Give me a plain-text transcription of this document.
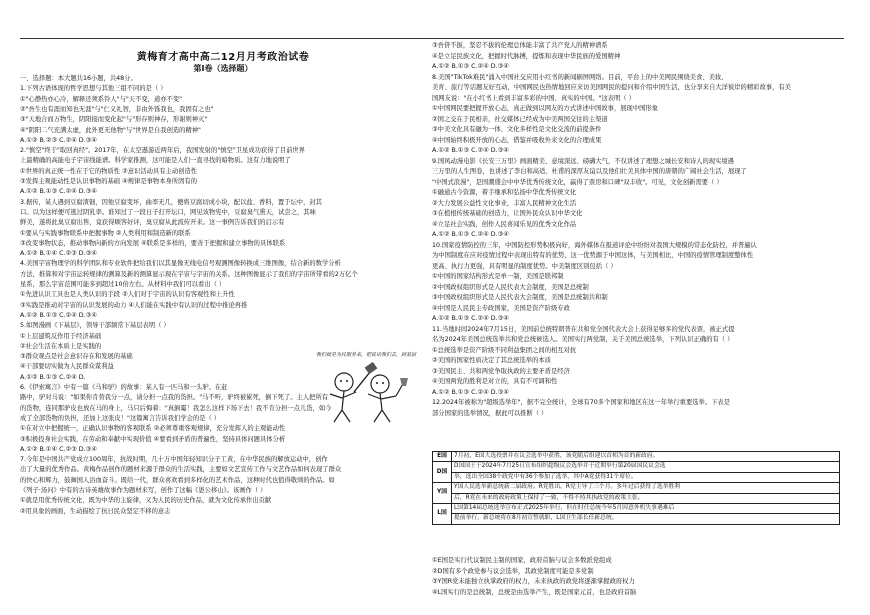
黄梅育才高中高二12月月考政治试卷
第Ⅰ卷（选择题）
一、选择题：本大题共16小题，共48分。
1.下列古语体现的哲学思想与其他三组不同的是（ ）
①"心静热亦心冷，解释还须系铃人"与"天不变，道亦不变"
②"吾生也有涯而知也无涯"与"仁义礼智，非由外铄我也，我固有之也"
③"天地合而万物生，阴阳接而变化起"与"形存则神存，形谢则神灭"
④"阴阳二气充满太虚，此外更无他物"与"世界是自我创造的精神"
A.①② B.②③ C.②④ D.③④
2."慎空"终于"取回真经"。2017年，在太空遨游近两年后，我国发射的"慎空"卫星成功获得了目前世界
上最精确的高能电子宇宙线能谱。科学家推测，这可能是人们一直寻找的暗物质。这有力地说明了
①世界的真正统一性在于它的物质性 ②意识活动具有主动创造性
③发挥主观能动性是认识事物的基础 ④规律是事物本身所固有的
A.①② B.①③ C.②④ D.③④
3.据传，某人遇到豆腐渣钿，因他豆腐变坏，曲率无几，便将豆腐切成小块，配以盐、香料，置于坛中，封其
口。以为这样便可逃过阴乳率。谁知过了一段日子打开坛口，网见该物宪中，豆腐臭气熏天，试尝之，其味
鲜美，遂将此臭豆腐出售，竟获得顾客好评，臭豆腐从此流传开来。这一事例告诉我们的启示有
①要从与实践事物联系中把握事物 ②人类利用和制造新的联系
③改变事物状态，推动事物向新的方向发展 ④联系是多样的，要善于把握和建立事物的具体联系
A.①② B.①④ C.②③ D.③④
4.美国宇宙物理学的科学团队和专业软件把给我们以其显像无线电信号观测图像转换成三维图像，结合新的数学分析
方法，推算和对宇宙运转规律的测算及新的测算显示现在宇宙与宇宙的关系。这种图像显示了我们的宇宙所带看的2万亿个
星系，那么宇宙范围可能多到超过10倍左右。从材料中我们可以看出（ ）
①先进认识工具也是人类认识的手段 ②人们对于宇宙的认识有客观性和上升性
③实践是推动对宇宙的认识发展的动力 ④人们能在实践中有认识的过程中推论再推
A.①② B.①③ C.②④ D.③④
5.如图漫画《下基层》，领导干部频常下基层表明（ ）
①上层建筑反作用于经济基础
②社会生活在本质上是实践的
③群众观点是社会意识存在和发展的基础
④干部要切实做为人民群众谋利益
A.①② B.①③ C.②④ D.
6.《伊索寓言》中有一篇《马和驴》的故事：某人有一匹马和一头驴。在赶
路中，驴对马说："如果你肯替我分一点，请分担一点我的货担。"马不听，驴终被累死，倒下死了。主人把所有
的货物，连同那驴皮也放在马的身上，马只后悔着："真倒霉！我怎么这样下场下去！我不肯分担一点儿货，如今
成了全部货物的负担，还加上这张皮！"这篇寓言告诉我们学会的是（ ）
①在对立中把握统一，正确认识事物的客观联系 ②必须尊重客观规律，充分发挥人的主观能动性
③积极投身社会实践，在劳动和奉献中实现价值 ④要看到矛盾的普遍性，坚持具体问题具体分析
A.①② B.①④ C.②③ D.③④
7.今年是中国共产党成立100周年，抗战时期，几十万中国年轻知识分子工黄，在中华民族的解放运动中，创作
出了大量的优秀作品。黄梅作品创作的题材来源于群众的生活实践，主要如文艺宣传工作与文艺作品如何表现了群众
的快心和辉力，鼓舞国人浴血奋斗。既给一代，群众喜欢看到多样化的艺术作品，这种时代也值得敬颂的作品。如
《列子·汤问》中有的古诗英雄故事作为题材来写，创作了这幅《愚公移山》。该画作（ ）
①就是用优秀传统文化，既为中华的主旋律，又为人民的历史作品，就为文化传承作出贡献
②用具象的画面，生动描绘了抗日民众坚定不移的意志
③吾侪不拔，坚忍不拔的伦理总体能丰富了共产党人的精神谱系
④是立足民族文化，把握时代脉搏，提炼和表现中华民族的爱国精神
A.①② B.①③ C.②④ D.③④
8.美国"TikTok难民"涌入中国社交应用小红书的新闻刷屏网络。目前，平台上的中美网民围绕美食、美妆、
美育、旅行等话题友好互动，中国网民也热情地回应来访美国网民的提问和介绍中国生活，也分享来自大洋彼岸的精彩故事，有美
国网友说："在小红书上看到丰富多彩的中国、真实的中国。"这表明（ ）
①中国网民要把握开放心态，真正做到以网友的方式讲述中国故事，展现中国形象
②国之交在于民相亲，社交媒体已经成为中美两国交往的主渠道
③中美文化具有融为一体、文化多样性是文化交流的前提条件
④中国始终积极开放的心态，借鉴并吸收外来文化的合理成果
A.①② B.①③ C.②④ D.③④
9.国风动漫电影《长安三万里》画面精美、意境深远、磅礴大气，不仅讲述了理想之城长安和诗人的现实境遇
三万里的人生图卷，也讲述了李白和高适、杜甫的深厚友谊以及他们壮美具体中国的唐朝的广阔社会生活，展现了
"中国式浪漫"，是国潮盛会中中华优秀传统文化，赢得了票房和口碑"双丰收"。可见，文化创新需要（ ）
①融通古今资源，着手继承和弘扬中华优秀传统文化
②大力发展公益性文化事业，丰富人民精神文化生活
③在植根传统基础的创造力，让国外民众认识中华文化
④立足社会实践，创作人民喜闻乐见的优秀文化作品
A.①② B.①③ C.②④ D.③④
10.国家疫情防控的三年，中国防控形势积极向好，海外媒体在报道评论中纷纷对我国大规模的常态化防控，并普遍认
为中国制度在应对疫情过程中表现出特有的优势，这一优势源于中国这体，与美国相比，中国的疫情管理制度整体性
更高、执行力更强，具有明显的制度优势。中美制度区别包括（ ）
①中国的国家结构形式是单一制，美国是联邦制
②中国政权组织形式是人民代表大会制度，美国是总统制
③中国政权组织形式是人民代表大会制度，美国是总统制共和制
④中国是人民民主专政国家，美国是资产阶级专政
A.①② B.①③ C.②④ D.③④
11.当地时间2024年7月15日，美国前总统特朗普在共和党全国代表大会上获得足够多的党代表票，被正式提
名为2024年美国总统选举共和党总统候选人。美国实行两党制，关于美国总统选举，下列认识正确的有（ ）
①总统选举是资产阶级不同利益集团之间的相互对抗
②美国的国家性质决定了其总统选举的本质
③美国民主、共和两党争取执政的主要矛盾是经济
④美国两党的胜利是对立的，具有不可调和性
A.①② B.①③ C.②④ D.③④
12.2024年被称为"超级选举年"，据不完全统计，全球有70多个国家和地区在这一年举行重要选举。下表是
部分国家的选举情况，据此可以推断（ ）
我们就是为民服务来，把说话我们去，到基层
E国	7月初，E国大选投票并在议会选举中获胜，该党随后组建以首相为首的新政府。
D国	D国国王于2024年7月25日宣布组织超级议会选举并于近期举行第20届国民议会选
	举，选出全国38个政党中有36个参加了选举，其中A党获得31个席位。
Y国	Y国人民选举新总统新二届政府。R党胜出。R党主导了三个月。多年过后获得了选举胜利
	后，R党在未来的政府政策上保持了一致，不得不持其执政党的政策主张。
L国	L国第14届总统选举宣布正式2025年举行，但在时任总统今年5月因意外机失事遇难后
	提前举行，新总统将在8月初宣誓就职，L国卫生部长任新总统。
①E国是实行代议制民主制的国家，政府首脑与议会多数派党组成
②D国有多个政党参与议会选举，其政党制度可能是多党制
③Y国R党未能独立执掌政府的权力，未来执政的政党将逐渐掌握政府权力
④L国实行的是总统制，总统是由选举产生，既是国家元首，也是政府首脑
